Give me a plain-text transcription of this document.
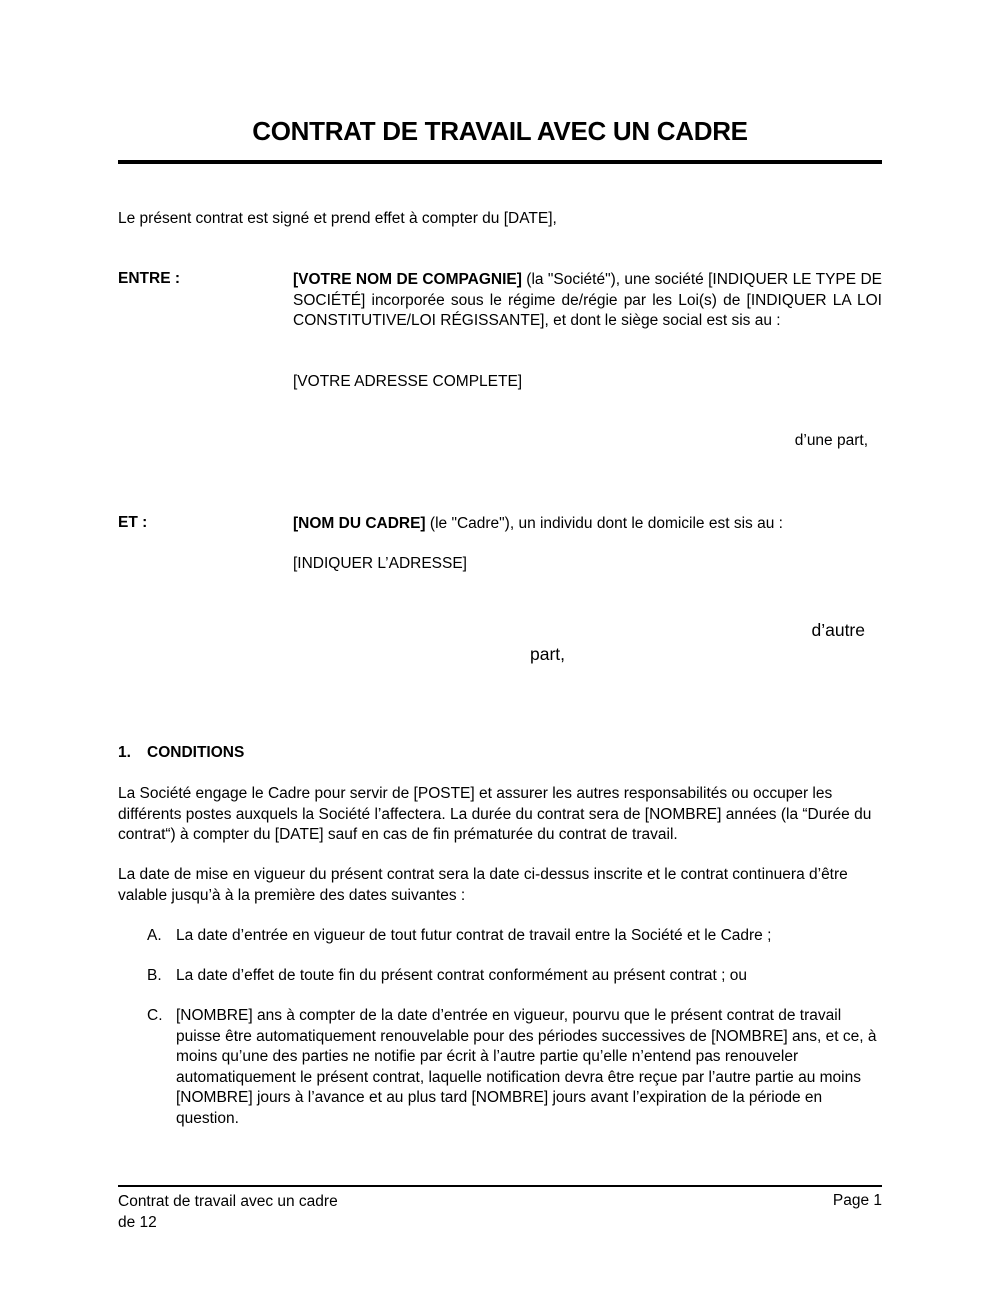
CONTRAT DE TRAVAIL AVEC UN CADRE
Le présent contrat est signé et prend effet à compter du [DATE],
ENTRE :	[VOTRE NOM DE COMPAGNIE] (la "Société"), une société [INDIQUER LE TYPE DE SOCIÉTÉ] incorporée sous le régime de/régie par les Loi(s) de [INDIQUER LA LOI CONSTITUTIVE/LOI RÉGISSANTE], et dont le siège social est sis au :
[VOTRE ADRESSE COMPLETE]
d’une part,
ET :	[NOM DU CADRE] (le "Cadre"), un individu dont le domicile est sis au :
[INDIQUER L’ADRESSE]
d’autre
part,
1. CONDITIONS
La Société engage le Cadre pour servir de [POSTE] et assurer les autres responsabilités ou occuper les différents postes auxquels la Société l’affectera. La durée du contrat sera de [NOMBRE] années (la “Durée du contrat“) à compter du [DATE] sauf en cas de fin prématurée du contrat de travail.
La date de mise en vigueur du présent contrat sera la date ci-dessus inscrite et le contrat continuera d’être valable jusqu’à à la première des dates suivantes :
A. La date d’entrée en vigueur de tout futur contrat de travail entre la Société et le Cadre ;
B. La date d’effet de toute fin du présent contrat conformément au présent contrat ; ou
C. [NOMBRE] ans à compter de la date d’entrée en vigueur, pourvu que le présent contrat de travail puisse être automatiquement renouvelable pour des périodes successives de [NOMBRE] ans, et ce, à moins qu’une des parties ne notifie par écrit à l’autre partie qu’elle n’entend pas renouveler automatiquement le présent contrat, laquelle notification devra être reçue par l’autre partie au moins [NOMBRE] jours à l’avance et au plus tard [NOMBRE] jours avant l’expiration de la période en question.
Contrat de travail avec un cadre
de 12
Page 1
